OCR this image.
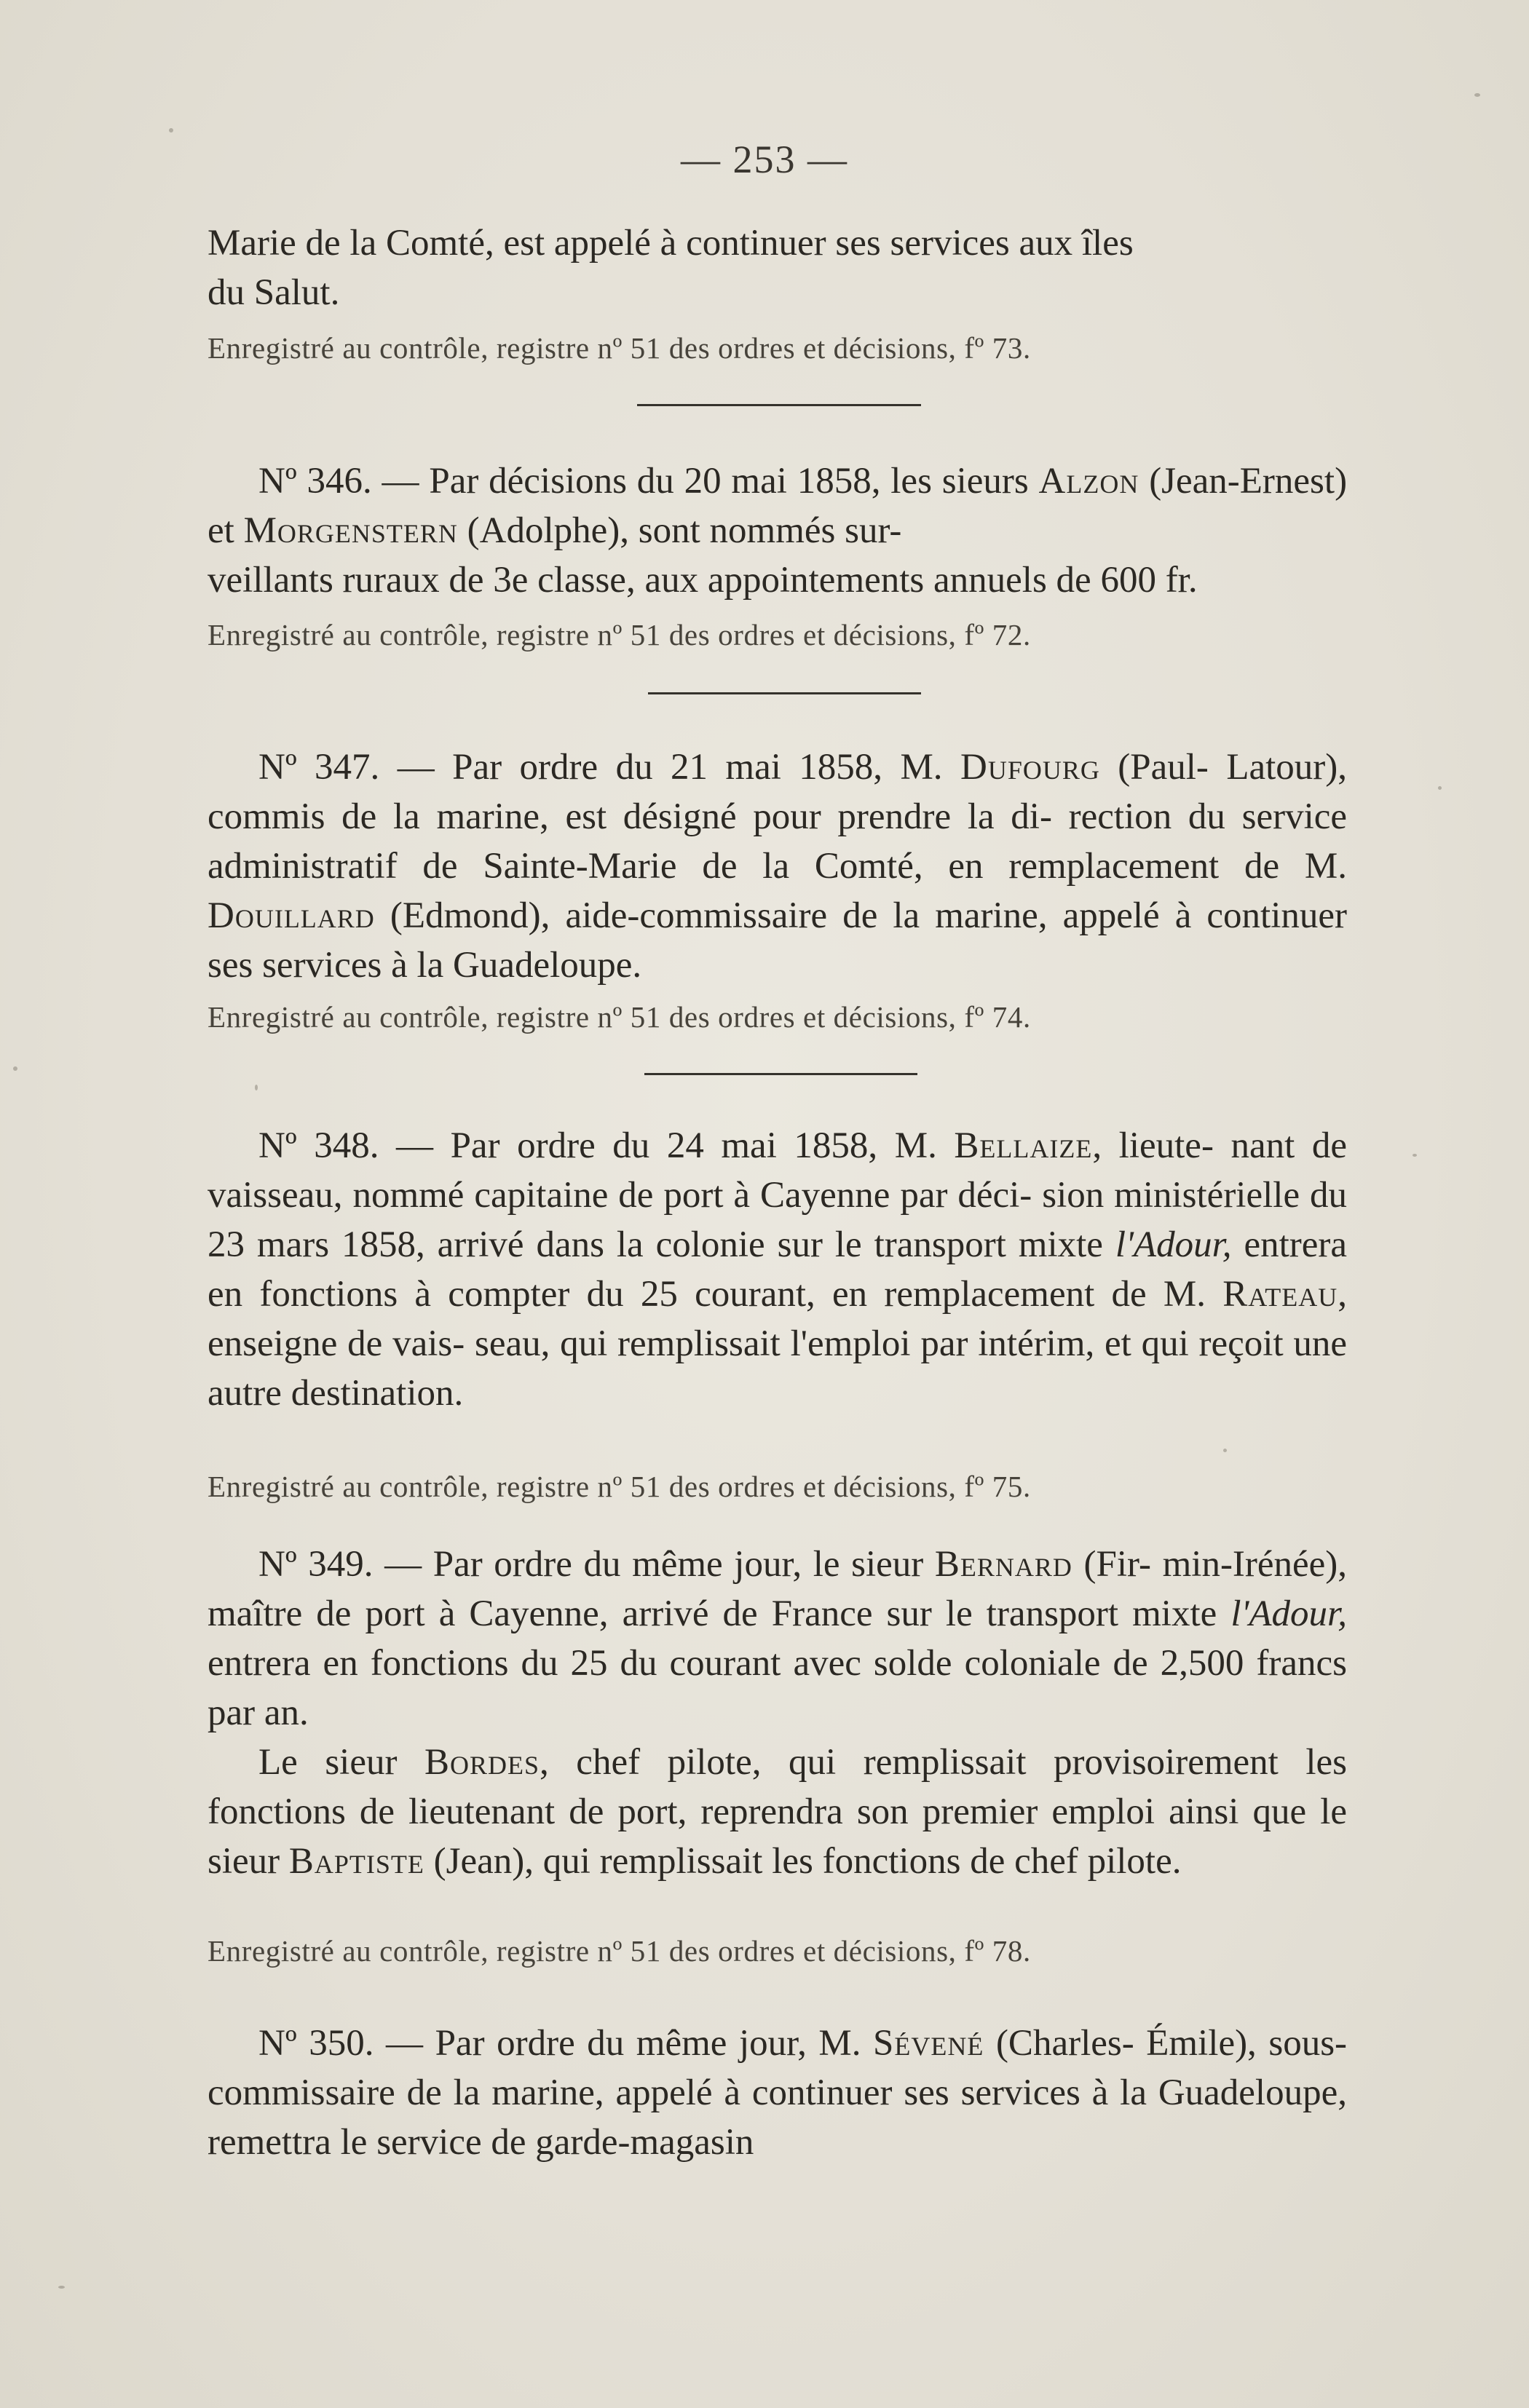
— 253 —
Marie de la Comté, est appelé à continuer ses services aux îles
du Salut.
Enregistré au contrôle, registre nº 51 des ordres et décisions, fº 73.
Nº 346. — Par décisions du 20 mai 1858, les sieurs Alzon (Jean-Ernest) et Morgenstern (Adolphe), sont nommés sur-
veillants ruraux de 3e classe, aux appointements annuels de 600 fr.
Enregistré au contrôle, registre nº 51 des ordres et décisions, fº 72.
Nº 347. — Par ordre du 21 mai 1858, M. Dufourg (Paul- Latour), commis de la marine, est désigné pour prendre la di- rection du service administratif de Sainte-Marie de la Comté, en remplacement de M. Douillard (Edmond), aide-commissaire de la marine, appelé à continuer ses services à la Guadeloupe.
Enregistré au contrôle, registre nº 51 des ordres et décisions, fº 74.
Nº 348. — Par ordre du 24 mai 1858, M. Bellaize, lieute- nant de vaisseau, nommé capitaine de port à Cayenne par déci- sion ministérielle du 23 mars 1858, arrivé dans la colonie sur le transport mixte l'Adour, entrera en fonctions à compter du 25 courant, en remplacement de M. Rateau, enseigne de vais- seau, qui remplissait l'emploi par intérim, et qui reçoit une autre destination.
Enregistré au contrôle, registre nº 51 des ordres et décisions, fº 75.
Nº 349. — Par ordre du même jour, le sieur Bernard (Fir- min-Irénée), maître de port à Cayenne, arrivé de France sur le transport mixte l'Adour, entrera en fonctions du 25 du courant avec solde coloniale de 2,500 francs par an.
Le sieur Bordes, chef pilote, qui remplissait provisoirement les fonctions de lieutenant de port, reprendra son premier emploi ainsi que le sieur Baptiste (Jean), qui remplissait les fonctions de chef pilote.
Enregistré au contrôle, registre nº 51 des ordres et décisions, fº 78.
Nº 350. — Par ordre du même jour, M. Sévené (Charles- Émile), sous-commissaire de la marine, appelé à continuer ses services à la Guadeloupe, remettra le service de garde-magasin
